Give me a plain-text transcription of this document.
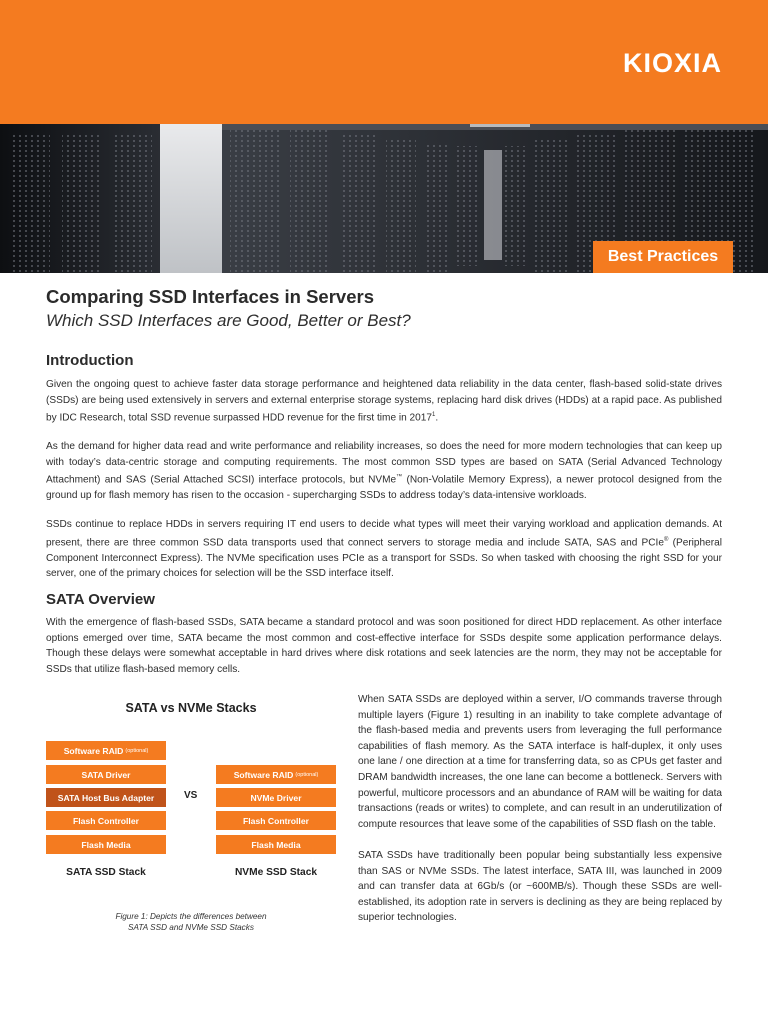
KIOXIA
Best Practices
Comparing SSD Interfaces in Servers

Which SSD Interfaces are Good, Better or Best?

Introduction

Given the ongoing quest to achieve faster data storage performance and heightened data reliability in the data center, flash-based solid-state drives (SSDs) are being used extensively in servers and external enterprise storage systems, replacing hard disk drives (HDDs) at a rapid pace. As published by IDC Research, total SSD revenue surpassed HDD revenue for the first time in 2017$^1$.

As the demand for higher data read and write performance and reliability increases, so does the need for more modern technologies that can keep up with today’s data-centric storage and computing requirements. The most common SSD types are based on SATA (Serial Advanced Technology Attachment) and SAS (Serial Attached SCSI) interface protocols, but NVMe™ (Non-Volatile Memory Express), a newer protocol designed from the ground up for flash memory has risen to the occasion - supercharging SSDs to address today’s data-intensive workloads.

SSDs continue to replace HDDs in servers requiring IT end users to decide what types will meet their varying workload and application demands. At present, there are three common SSD data transports used that connect servers to storage media and include SATA, SAS and PCIe® (Peripheral Component Interconnect Express). The NVMe specification uses PCIe as a transport for SSDs. So when tasked with choosing the right SSD for your server, one of the primary choices for selection will be the SSD interface itself.

SATA Overview

With the emergence of flash-based SSDs, SATA became a standard protocol and was soon positioned for direct HDD replacement. As other interface options emerged over time, SATA became the most common and cost-effective interface for SSDs despite some application performance delays. Though these delays were somewhat acceptable in hard drives where disk rotations and seek latencies are the norm, they may not be acceptable for SSDs that utilize flash-based memory cells.

SATA vs NVMe Stacks
Software RAID (optional)
SATA Driver
SATA Host Bus Adapter
Flash Controller
Flash Media
SATA SSD Stack
VS
Software RAID (optional)
NVMe Driver
Flash Controller
Flash Media
NVMe SSD Stack

Figure 1: Depicts the differences between
SATA SSD and NVMe SSD Stacks

When SATA SSDs are deployed within a server, I/O commands traverse through multiple layers (Figure 1) resulting in an inability to take complete advantage of the flash-based media and prevents users from leveraging the full performance capabilities of flash memory. As the SATA interface is half-duplex, it only uses one lane / one direction at a time for transferring data, so as CPUs get faster and DRAM bandwidth increases, the one lane can become a bottleneck. Servers with powerful, multicore processors and an abundance of RAM will be waiting for data transactions (reads or writes) to complete, and can result in an underutilization of compute resources that leave some of the capabilities of SSD flash on the table.

SATA SSDs have traditionally been popular being substantially less expensive than SAS or NVMe SSDs. The latest interface, SATA III, was launched in 2009 and can transfer data at 6Gb/s (or ~600MB/s). Though these SSDs are well-established, its adoption rate in servers is declining as they are being replaced by superior technologies.
